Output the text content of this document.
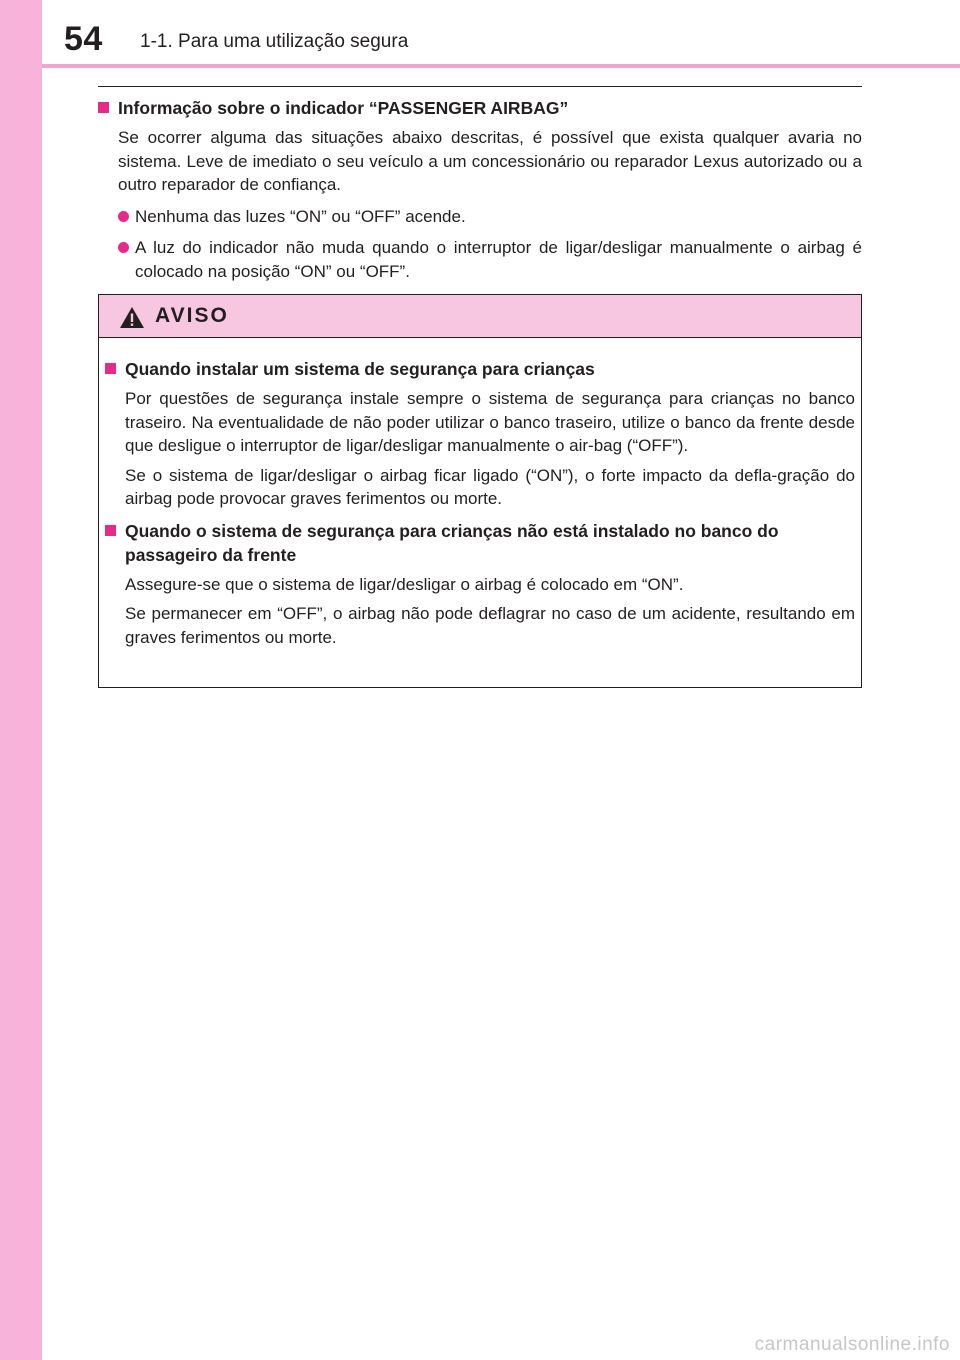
54 1-1. Para uma utilização segura

Informação sobre o indicador “PASSENGER AIRBAG”

Se ocorrer alguma das situações abaixo descritas, é possível que exista qualquer avaria no sistema. Leve de imediato o seu veículo a um concessionário ou reparador Lexus autorizado ou a outro reparador de confiança.

Nenhuma das luzes “ON” ou “OFF” acende.
A luz do indicador não muda quando o interruptor de ligar/desligar manualmente o airbag é colocado na posição “ON” ou “OFF”.
AVISO

Quando instalar um sistema de segurança para crianças

Por questões de segurança instale sempre o sistema de segurança para crianças no banco traseiro. Na eventualidade de não poder utilizar o banco traseiro, utilize o banco da frente desde que desligue o interruptor de ligar/desligar manualmente o air-bag (“OFF”).

Se o sistema de ligar/desligar o airbag ficar ligado (“ON”), o forte impacto da defla-gração do airbag pode provocar graves ferimentos ou morte.

Quando o sistema de segurança para crianças não está instalado no banco do passageiro da frente

Assegure-se que o sistema de ligar/desligar o airbag é colocado em “ON”.

Se permanecer em “OFF”, o airbag não pode deflagrar no caso de um acidente, resultando em graves ferimentos ou morte.

carmanualsonline.info
